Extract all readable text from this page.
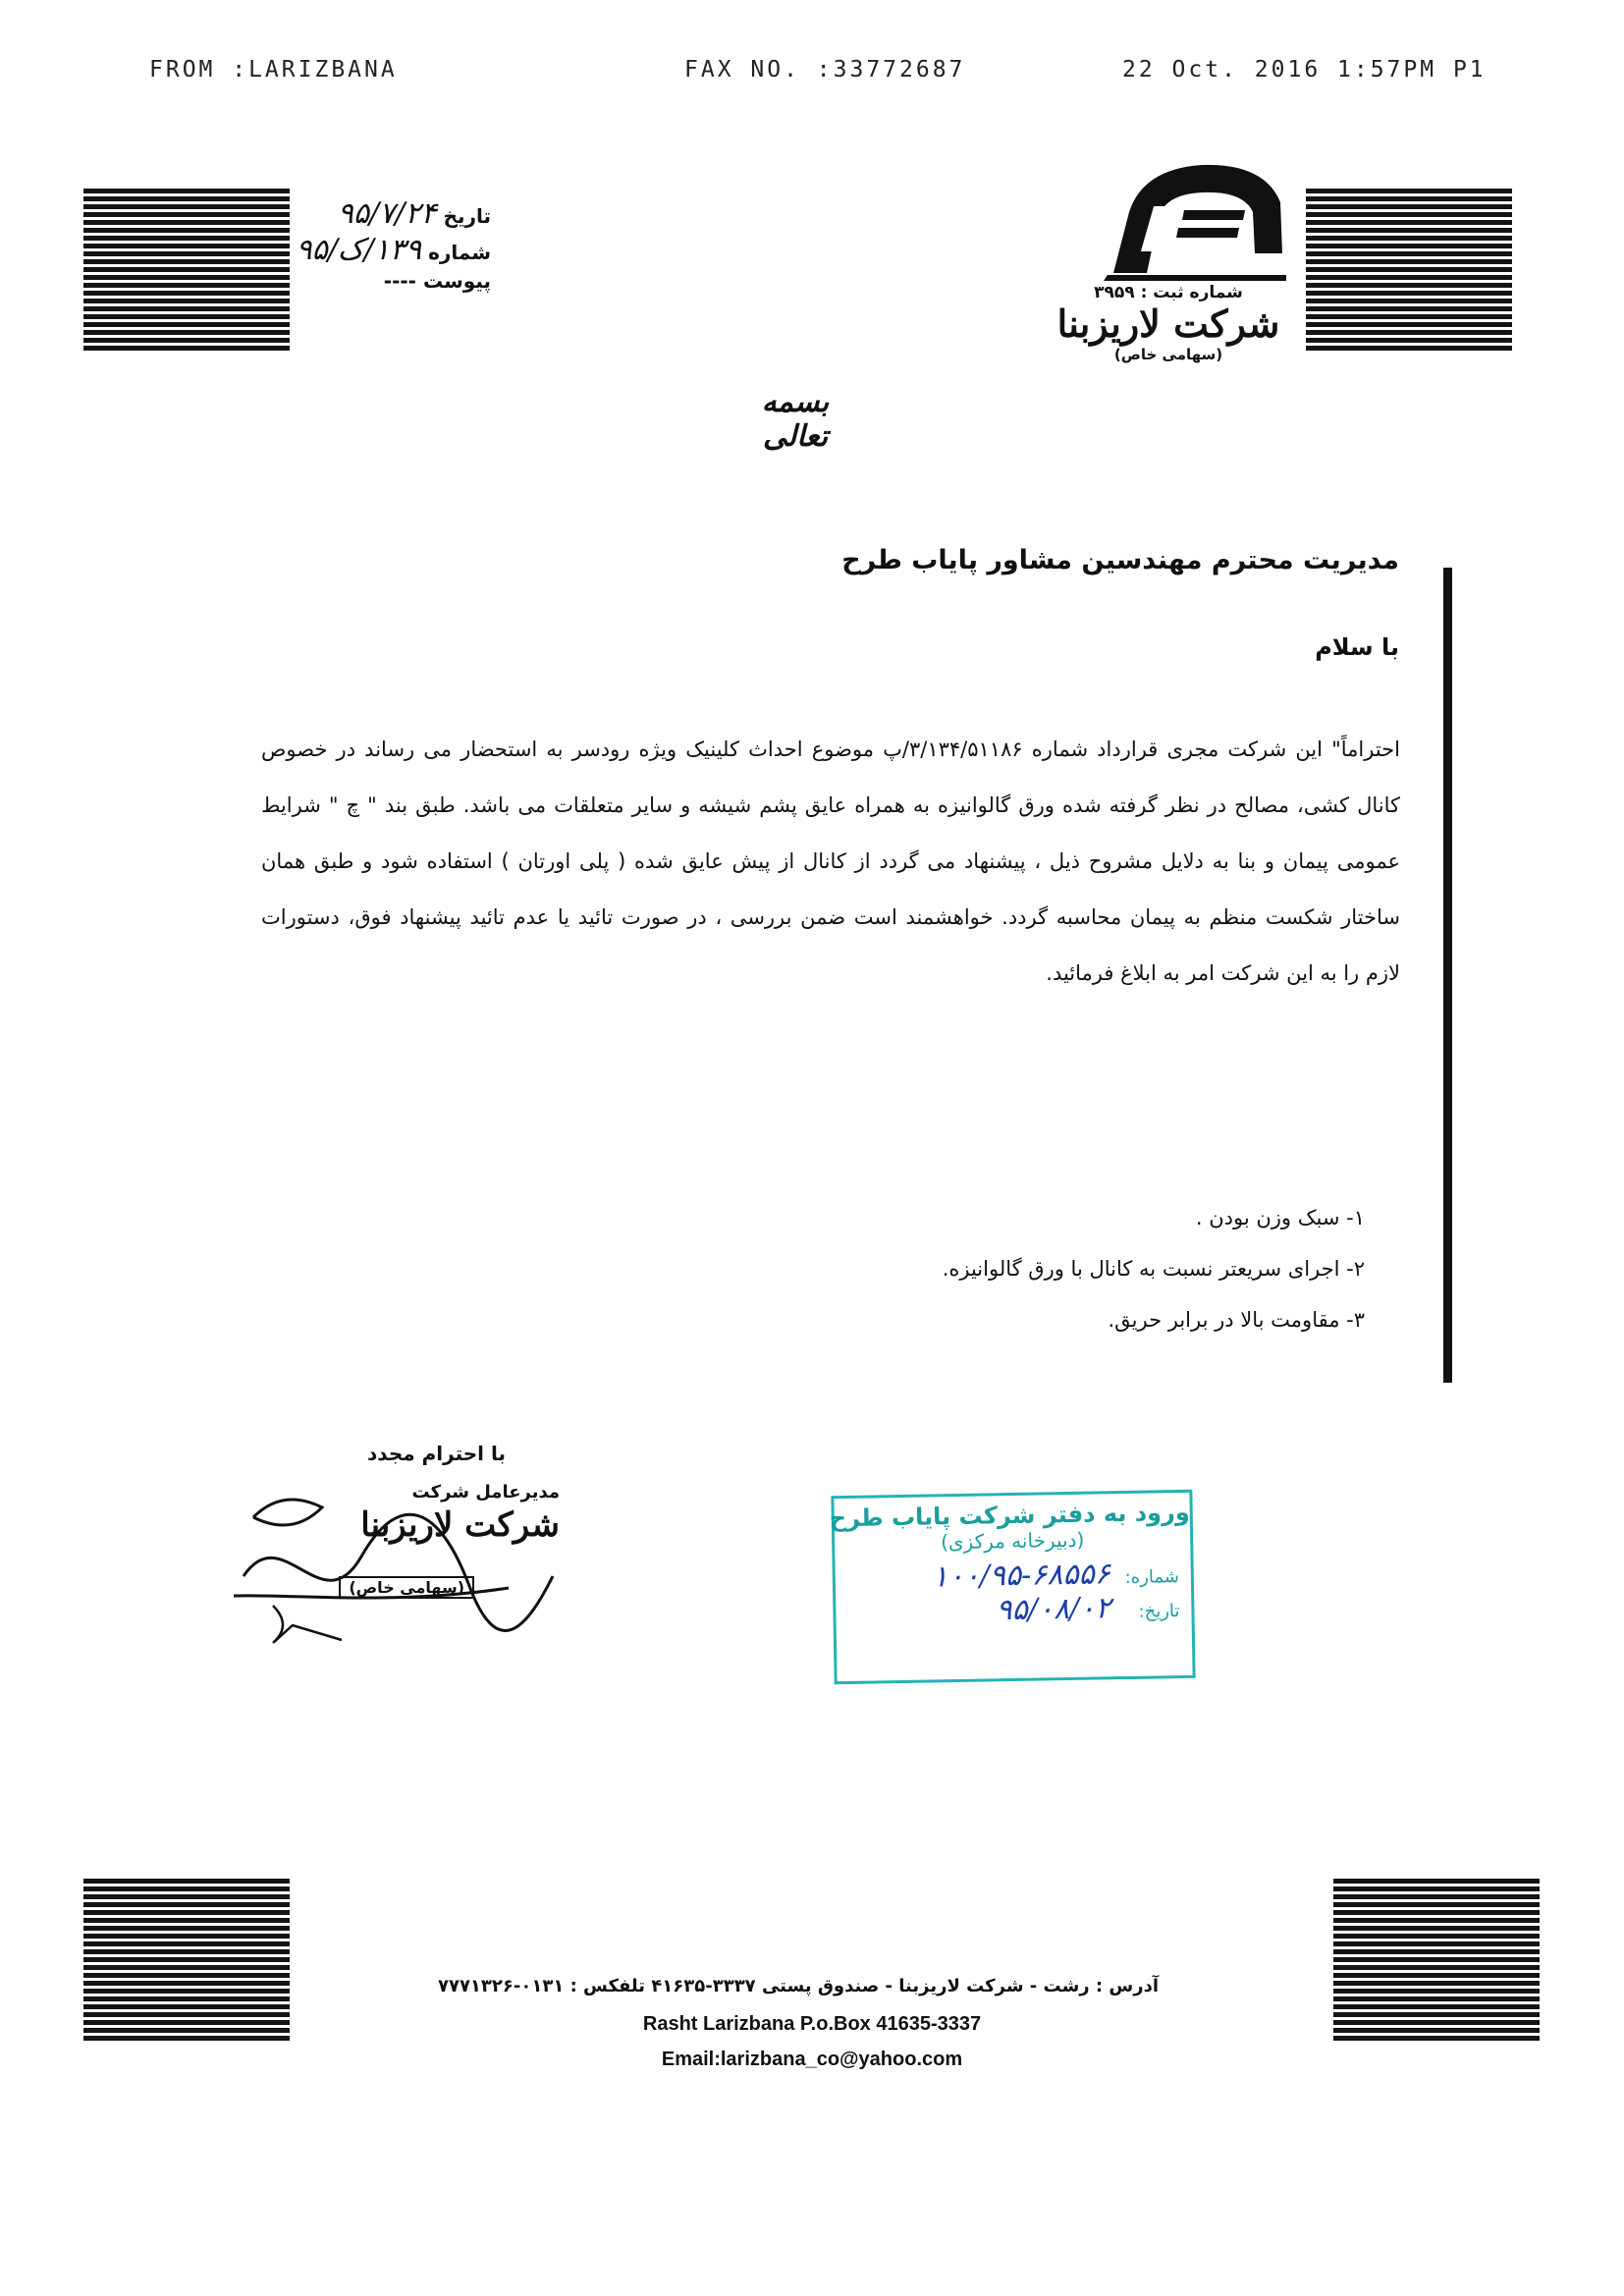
FROM :LARIZBANA	FAX NO. :33772687	22 Oct. 2016 1:57PM P1
تاریخ ۹۵/۷/۲۴
شماره ۱۳۹/ک/۹۵
پیوست ----	شماره ثبت : ۳۹۵۹
شرکت لاریزبنا
(سهامی خاص)
بسمه تعالی
مدیریت محترم مهندسین مشاور پایاب طرح
با سلام
احتراماً" این شرکت مجری قرارداد شماره ۳/۱۳۴/۵۱۱۸۶/پ موضوع احداث کلینیک ویژه رودسر به استحضار می رساند در خصوص کانال کشی، مصالح در نظر گرفته شده ورق گالوانیزه به همراه عایق پشم شیشه و سایر متعلقات می باشد. طبق بند " چ " شرایط عمومی پیمان و بنا به دلایل مشروح ذیل ، پیشنهاد می گردد از کانال از پیش عایق شده ( پلی اورتان ) استفاده شود و طبق همان ساختار شکست منظم به پیمان محاسبه گردد. خواهشمند است ضمن بررسی ، در صورت تائید یا عدم تائید پیشنهاد فوق، دستورات لازم را به این شرکت امر به ابلاغ فرمائید.
۱- سبک وزن بودن .
۲- اجرای سریعتر نسبت به کانال با ورق گالوانیزه.
۳- مقاومت بالا در برابر حریق.
با احترام مجدد
مدیرعامل شرکت
شرکت لاریزبنا
(سهامی خاص)
ورود به دفتر شرکت پایاب طرح
(دبیرخانه مرکزی)
شماره:
۱۰۰/۹۵-۶۸۵۵۶
تاریخ:
۹۵/۰۸/۰۲
آدرس : رشت - شرکت لاریزبنا - صندوق پستی ۳۳۳۷-۴۱۶۳۵ تلفکس : ۰۱۳۱-۷۷۷۱۳۲۶
Rasht Larizbana P.o.Box 41635-3337
Email:larizbana_co@yahoo.com
